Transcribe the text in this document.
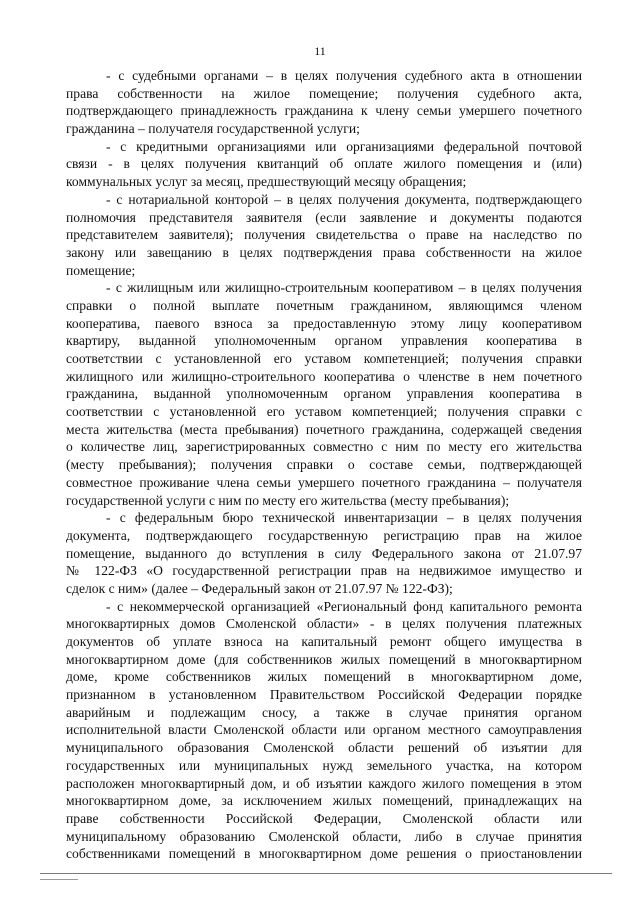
11
- с судебными органами – в целях получения судебного акта в отношении
права собственности на жилое помещение; получения судебного акта,
подтверждающего принадлежность гражданина к члену семьи умершего почетного
гражданина – получателя государственной услуги;
- с кредитными организациями или организациями федеральной почтовой
связи - в целях получения квитанций об оплате жилого помещения и (или)
коммунальных услуг за месяц, предшествующий месяцу обращения;
- с нотариальной конторой – в целях получения документа, подтверждающего
полномочия представителя заявителя (если заявление и документы подаются
представителем заявителя); получения свидетельства о праве на наследство по
закону или завещанию в целях подтверждения права собственности на жилое
помещение;
- с жилищным или жилищно-строительным кооперативом – в целях получения
справки о полной выплате почетным гражданином, являющимся членом
кооператива, паевого взноса за предоставленную этому лицу кооперативом
квартиру, выданной уполномоченным органом управления кооператива в
соответствии с установленной его уставом компетенцией; получения справки
жилищного или жилищно-строительного кооператива о членстве в нем почетного
гражданина, выданной уполномоченным органом управления кооператива в
соответствии с установленной его уставом компетенцией; получения справки с
места жительства (места пребывания) почетного гражданина, содержащей сведения
о количестве лиц, зарегистрированных совместно с ним по месту его жительства
(месту пребывания); получения справки о составе семьи, подтверждающей
совместное проживание члена семьи умершего почетного гражданина – получателя
государственной услуги с ним по месту его жительства (месту пребывания);
- с федеральным бюро технической инвентаризации – в целях получения
документа, подтверждающего государственную регистрацию прав на жилое
помещение, выданного до вступления в силу Федерального закона от 21.07.97
№ 122-ФЗ «О государственной регистрации прав на недвижимое имущество и
сделок с ним» (далее – Федеральный закон от 21.07.97 № 122-ФЗ);
- с некоммерческой организацией «Региональный фонд капитального ремонта
многоквартирных домов Смоленской области» - в целях получения платежных
документов об уплате взноса на капитальный ремонт общего имущества в
многоквартирном доме (для собственников жилых помещений в многоквартирном
доме, кроме собственников жилых помещений в многоквартирном доме,
признанном в установленном Правительством Российской Федерации порядке
аварийным и подлежащим сносу, а также в случае принятия органом
исполнительной власти Смоленской области или органом местного самоуправления
муниципального образования Смоленской области решений об изъятии для
государственных или муниципальных нужд земельного участка, на котором
расположен многоквартирный дом, и об изъятии каждого жилого помещения в этом
многоквартирном доме, за исключением жилых помещений, принадлежащих на
праве собственности Российской Федерации, Смоленской области или
муниципальному образованию Смоленской области, либо в случае принятия
собственниками помещений в многоквартирном доме решения о приостановлении
